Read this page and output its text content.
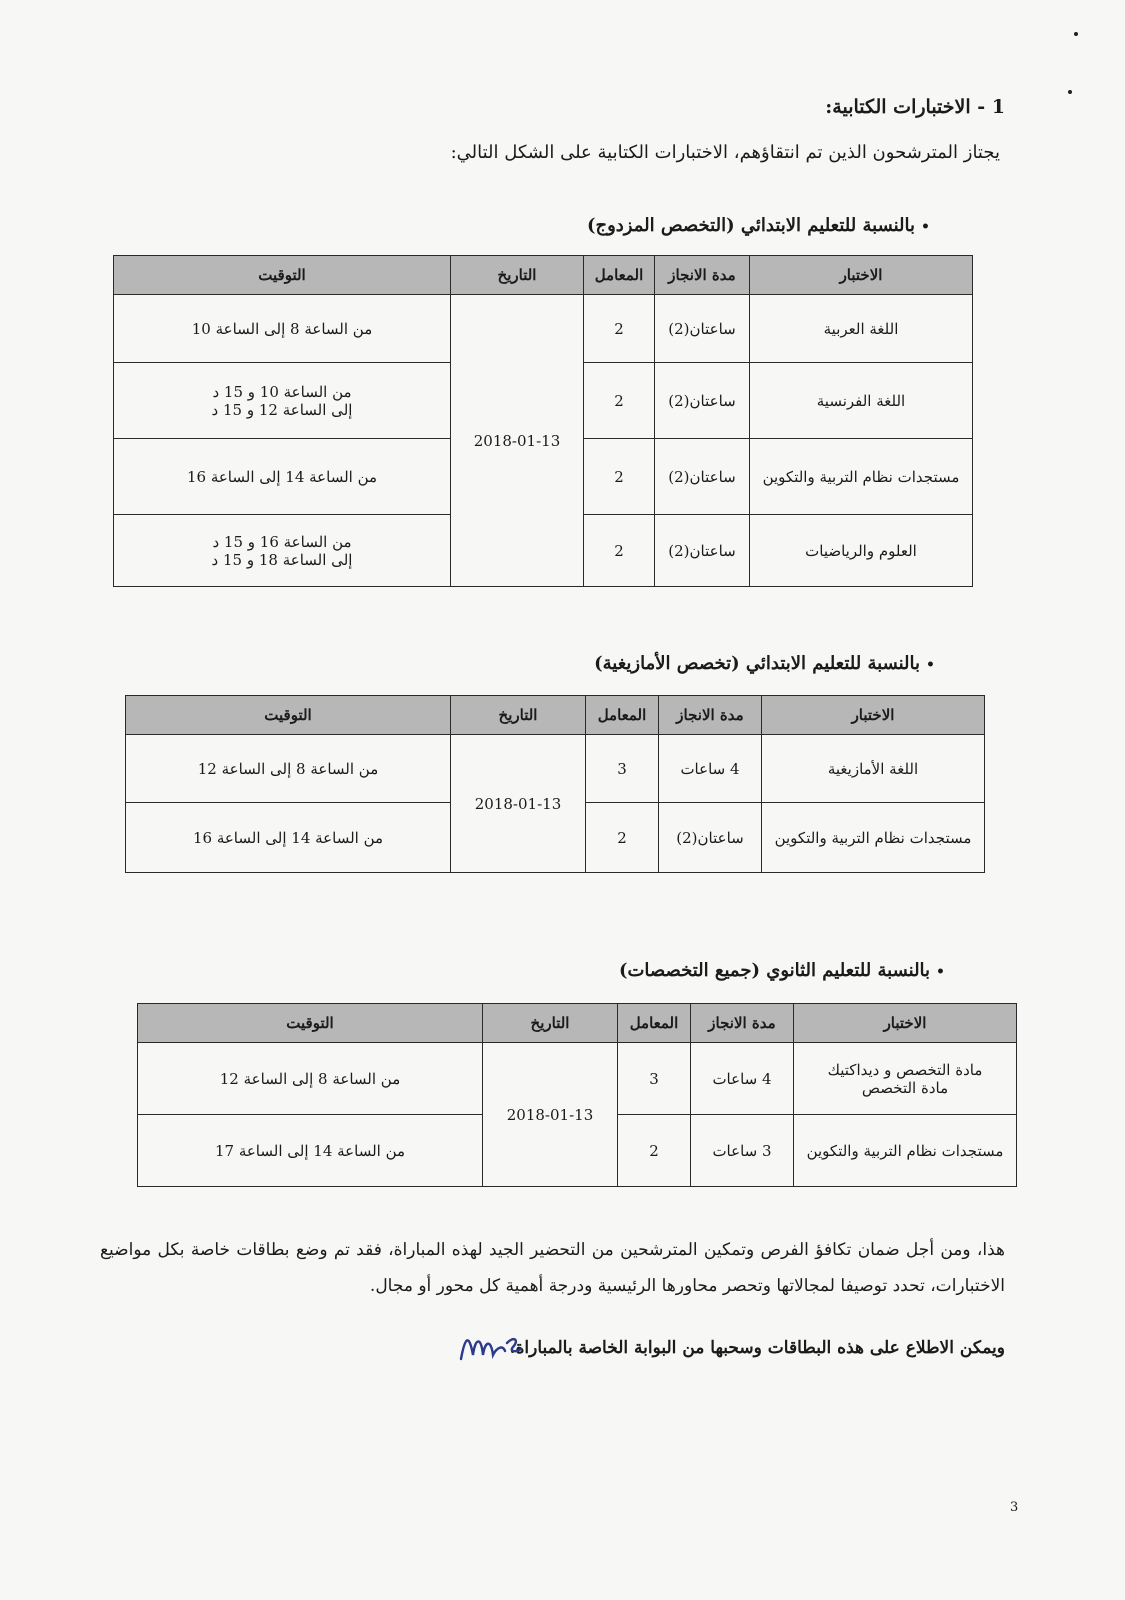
1 - الاختبارات الكتابية:
يجتاز المترشحون الذين تم انتقاؤهم، الاختبارات الكتابية على الشكل التالي:
•بالنسبة للتعليم الابتدائي (التخصص المزدوج)
الاختبار	مدة الانجاز	المعامل	التاريخ	التوقيت
اللغة العربية	ساعتان(2)	2	2018-01-13	من الساعة 8 إلى الساعة 10

اللغة الفرنسية	ساعتان(2)	2		من الساعة 10 و 15 د
إلى الساعة 12 و 15 د

مستجدات نظام التربية والتكوين	ساعتان(2)	2		من الساعة 14 إلى الساعة 16

العلوم والرياضيات	ساعتان(2)	2		من الساعة 16 و 15 د
إلى الساعة 18 و 15 د
•بالنسبة للتعليم الابتدائي (تخصص الأمازيغية)
الاختبار	مدة الانجاز	المعامل	التاريخ	التوقيت
اللغة الأمازيغية	4 ساعات	3	2018-01-13	من الساعة 8 إلى الساعة 12
مستجدات نظام التربية والتكوين	ساعتان(2)	2		من الساعة 14 إلى الساعة 16
•بالنسبة للتعليم الثانوي (جميع التخصصات)
الاختبار	مدة الانجاز	المعامل	التاريخ	التوقيت

مادة التخصص و ديداكتيك
مادة التخصص	4 ساعات	3	2018-01-13	من الساعة 8 إلى الساعة 12
مستجدات نظام التربية والتكوين	3 ساعات	2		من الساعة 14 إلى الساعة 17
هذا، ومن أجل ضمان تكافؤ الفرص وتمكين المترشحين من التحضير الجيد لهذه المباراة، فقد تم وضع بطاقات خاصة بكل مواضيع الاختبارات، تحدد توصيفا لمجالاتها وتحصر محاورها الرئيسية ودرجة أهمية كل محور أو مجال.
ويمكن الاطلاع على هذه البطاقات وسحبها من البوابة الخاصة بالمباراة.
3
